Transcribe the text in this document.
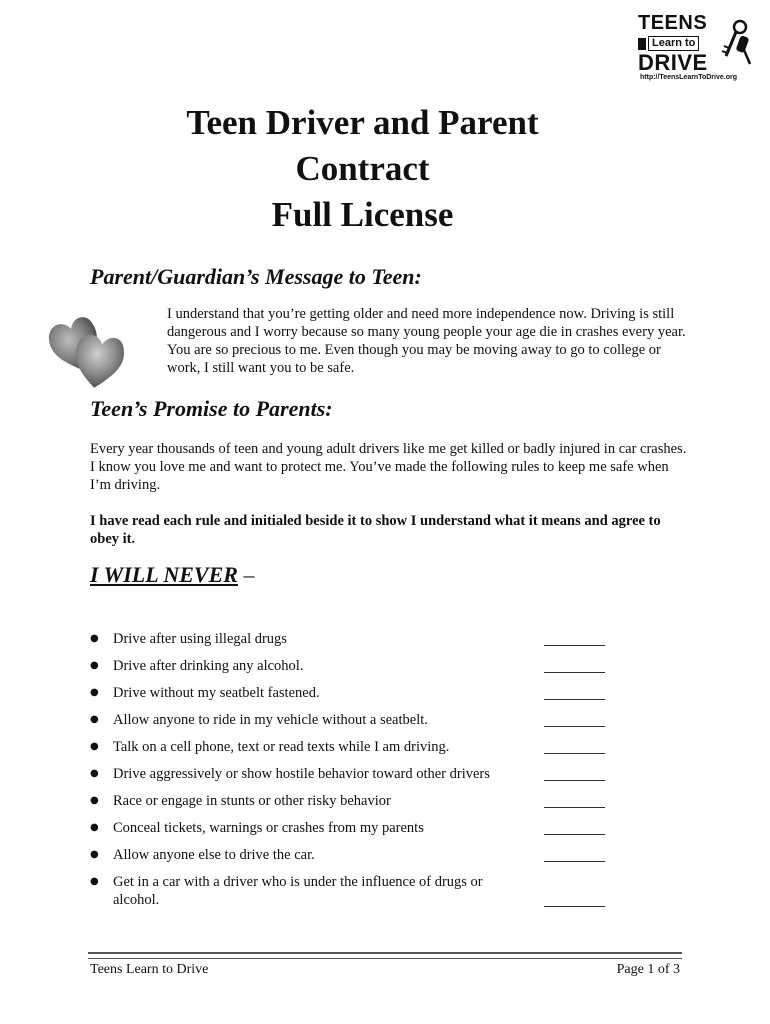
TEENS
Learn to
DRIVE
http://TeensLearnToDrive.org
Teen Driver and Parent
Contract
Full License
Parent/Guardian’s Message to Teen:

I understand that you’re getting older and need more independence now. Driving is still dangerous and I worry because so many young people your age die in crashes every year. You are so precious to me. Even though you may be moving away to go to college or work, I still want you to be safe.

Teen’s Promise to Parents:

Every year thousands of teen and young adult drivers like me get killed or badly injured in car crashes. I know you love me and want to protect me. You’ve made the following rules to keep me safe when I’m driving.

I have read each rule and initialed beside it to show I understand what it means and agree to obey it.

I WILL NEVER –
● Drive after using illegal drugs
● Drive after drinking any alcohol.
● Drive without my seatbelt fastened.
● Allow anyone to ride in my vehicle without a seatbelt.
● Talk on a cell phone, text or read texts while I am driving.
● Drive aggressively or show hostile behavior toward other drivers
● Race or engage in stunts or other risky behavior
● Conceal tickets, warnings or crashes from my parents
● Allow anyone else to drive the car.
● Get in a car with a driver who is under the influence of drugs or alcohol.
Teens Learn to Drive	Page 1 of 3
